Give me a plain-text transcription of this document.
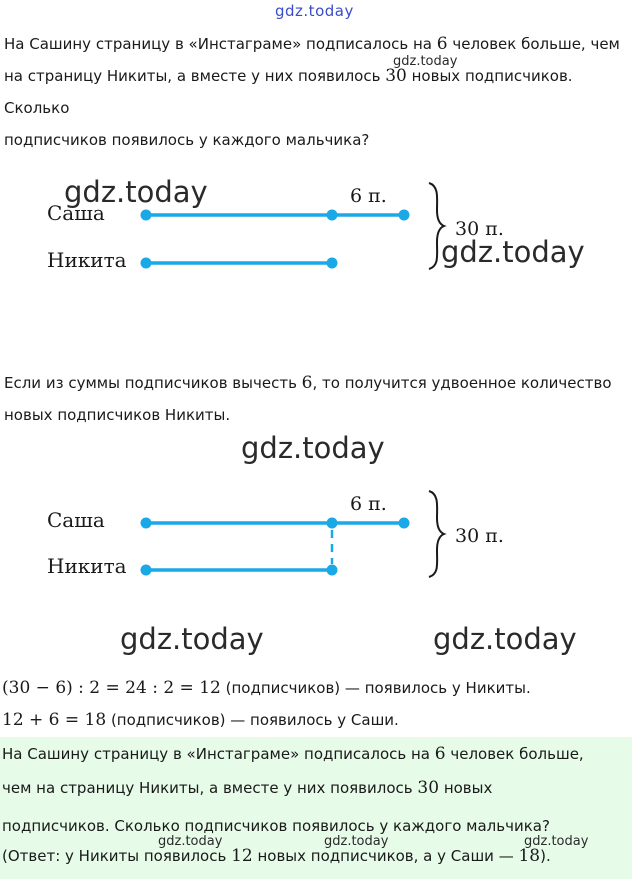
gdz.today
На Сашину страницу в «Инстаграме» подписалось на 6 человек больше, чем
на страницу Никиты, а вместе у них появилось 30 новых подписчиков. Сколько
подписчиков появилось у каждого мальчика?
gdz.today
Саша
Никита
6 п.
30 п.
gdz.today
gdz.today
Если из суммы подписчиков вычесть 6, то получится удвоенное количество
новых подписчиков Никиты.
gdz.today
Саша
Никита
6 п.
30 п.
gdz.today	gdz.today
(30 − 6) : 2 = 24 : 2 = 12 (подписчиков) — появилось у Никиты.
12 + 6 = 18 (подписчиков) — появилось у Саши.
На Сашину страницу в «Инстаграме» подписалось на 6 человек больше,
чем на страницу Никиты, а вместе у них появилось 30 новых
подписчиков. Сколько подписчиков появилось у каждого мальчика?
(Ответ: у Никиты появилось 12 новых подписчиков, а у Саши — 18).
gdz.today	gdz.today	gdz.today
